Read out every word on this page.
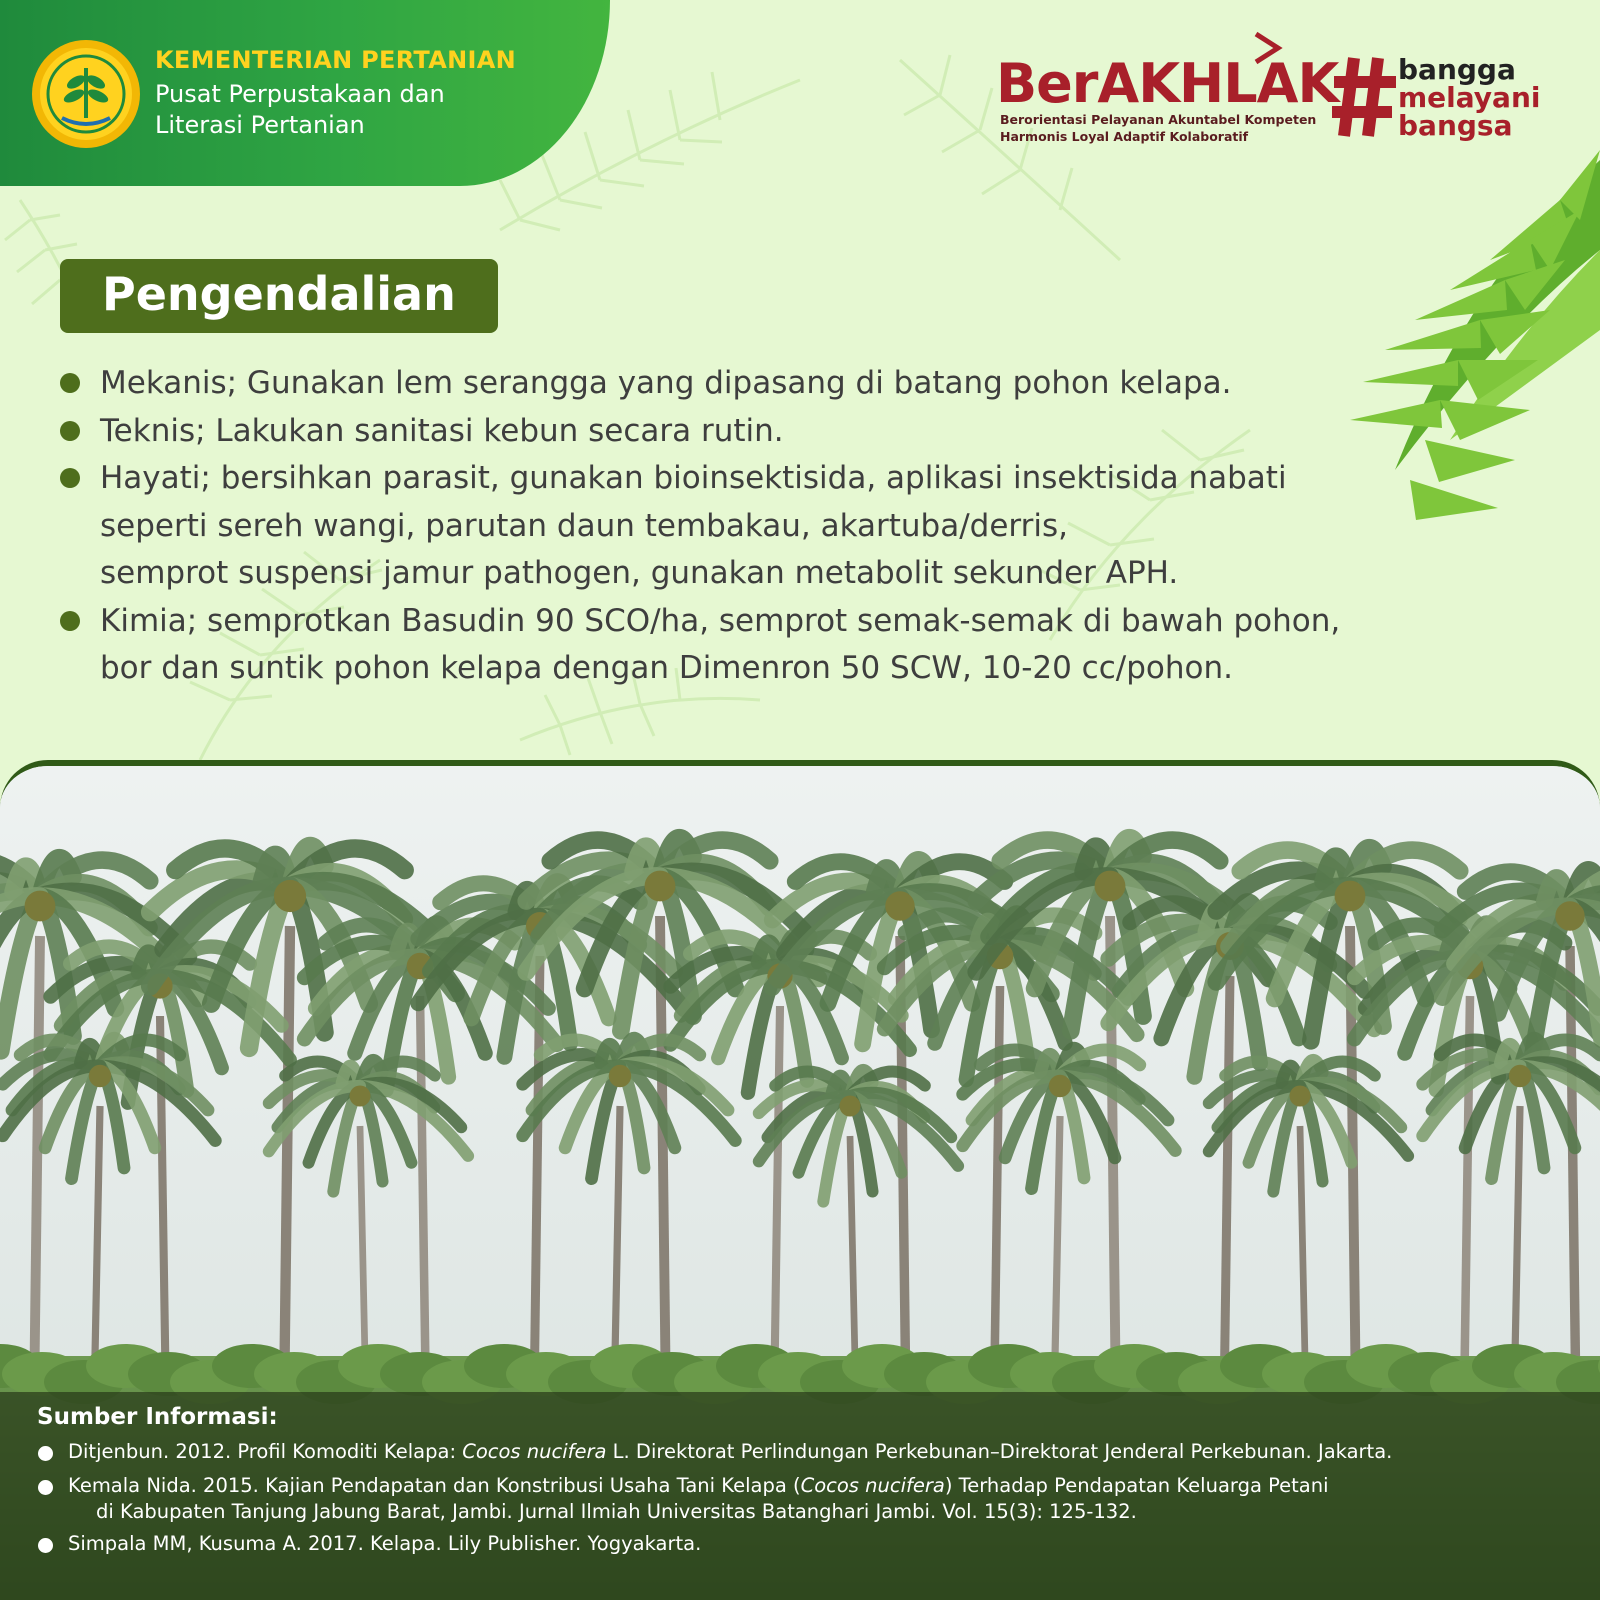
KEMENTERIAN PERTANIAN
Pusat Perpustakaan dan
Literasi Pertanian
BerAKHLAK
Berorientasi Pelayanan Akuntabel Kompeten
Harmonis Loyal Adaptif Kolaboratif
bangga
melayani
bangsa
Pengendalian
Mekanis; Gunakan lem serangga yang dipasang di batang pohon kelapa.
Teknis; Lakukan sanitasi kebun secara rutin.
Hayati; bersihkan parasit, gunakan bioinsektisida, aplikasi insektisida nabati
seperti sereh wangi, parutan daun tembakau, akartuba/derris,
semprot suspensi jamur pathogen, gunakan metabolit sekunder APH.
Kimia; semprotkan Basudin 90 SCO/ha, semprot semak-semak di bawah pohon,
bor dan suntik pohon kelapa dengan Dimenron 50 SCW, 10-20 cc/pohon.
Sumber Informasi:
Ditjenbun. 2012. Profil Komoditi Kelapa: Cocos nucifera L. Direktorat Perlindungan Perkebunan–Direktorat Jenderal Perkebunan. Jakarta.
Kemala Nida. 2015. Kajian Pendapatan dan Konstribusi Usaha Tani Kelapa (Cocos nucifera) Terhadap Pendapatan Keluarga Petani
di Kabupaten Tanjung Jabung Barat, Jambi. Jurnal Ilmiah Universitas Batanghari Jambi. Vol. 15(3): 125-132.
Simpala MM, Kusuma A. 2017. Kelapa. Lily Publisher. Yogyakarta.
